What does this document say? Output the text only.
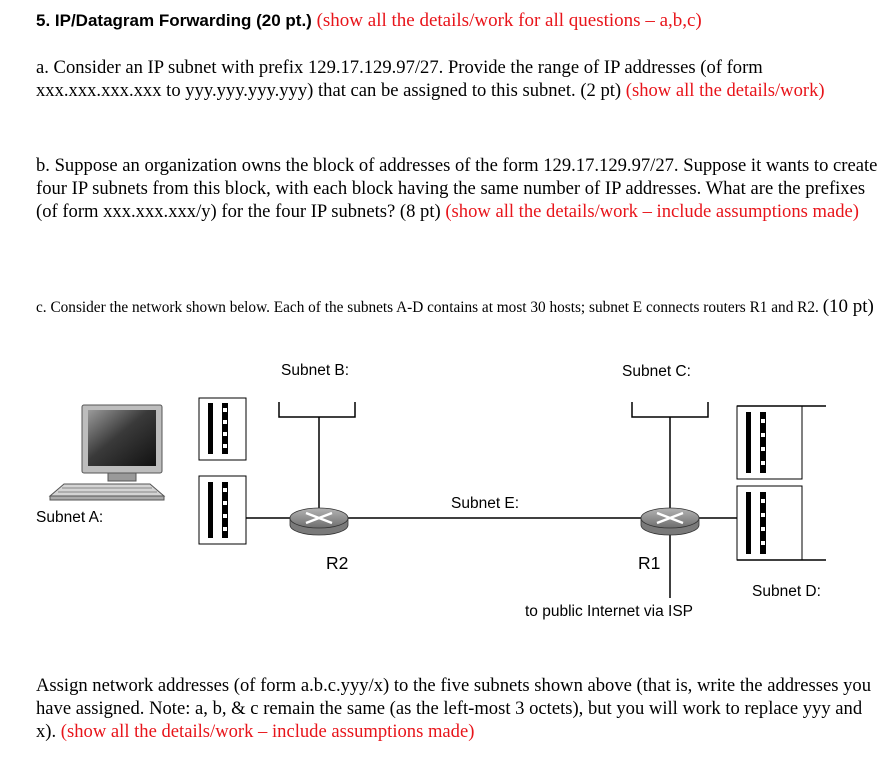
5. IP/Datagram Forwarding (20 pt.) (show all the details/work for all questions – a,b,c)
a. Consider an IP subnet with prefix 129.17.129.97/27. Provide the range of IP addresses (of form xxx.xxx.xxx.xxx to yyy.yyy.yyy.yyy) that can be assigned to this subnet. (2 pt) (show all the details/work)
b. Suppose an organization owns the block of addresses of the form 129.17.129.97/27. Suppose it wants to create four IP subnets from this block, with each block having the same number of IP addresses. What are the prefixes (of form xxx.xxx.xxx/y) for the four IP subnets? (8 pt) (show all the details/work – include assumptions made)
c. Consider the network shown below. Each of the subnets A-D contains at most 30 hosts; subnet E connects routers R1 and R2. (10 pt)
Subnet B:	Subnet C:
Subnet A:
Subnet E:
Subnet D:
R2	R1
to public Internet via ISP
Assign network addresses (of form a.b.c.yyy/x) to the five subnets shown above (that is, write the addresses you have assigned. Note: a, b, & c remain the same (as the left-most 3 octets), but you will work to replace yyy and x). (show all the details/work – include assumptions made)
